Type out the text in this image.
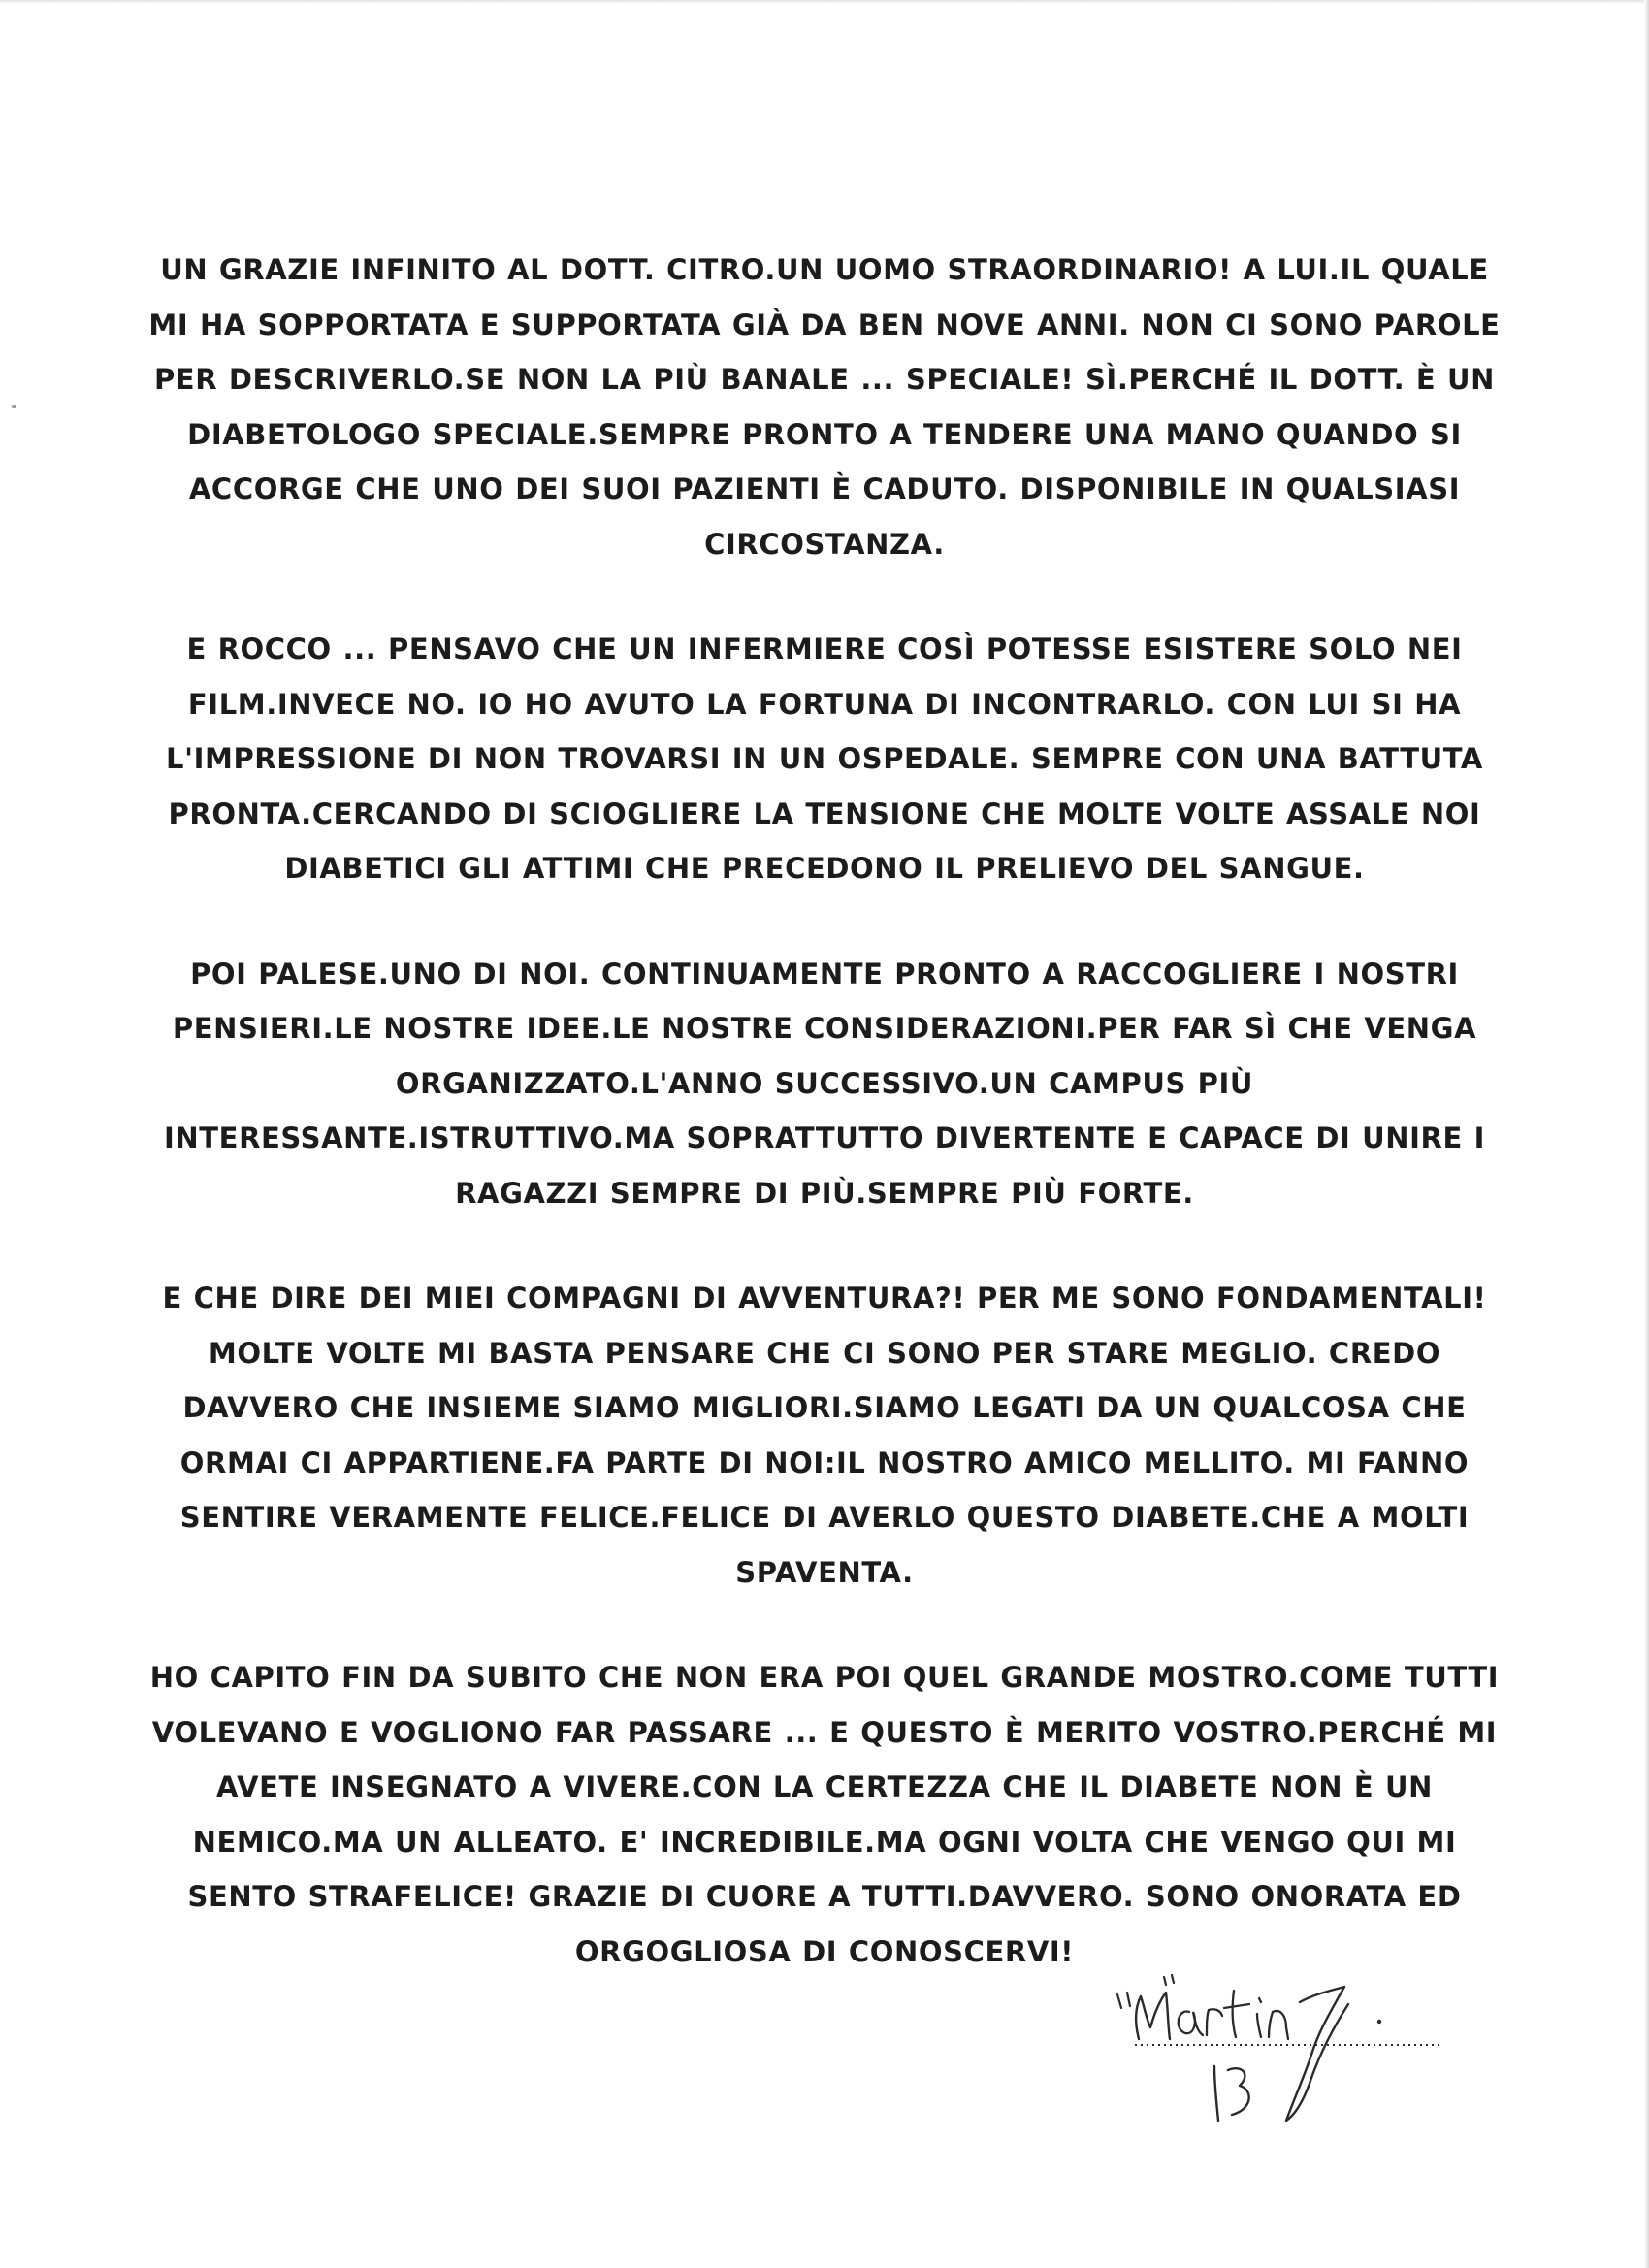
UN GRAZIE INFINITO AL DOTT. CITRO.UN UOMO STRAORDINARIO! A LUI.IL QUALE MI HA SOPPORTATA E SUPPORTATA GIÀ DA BEN NOVE ANNI. NON CI SONO PAROLE PER DESCRIVERLO.SE NON LA PIÙ BANALE ... SPECIALE! SÌ.PERCHÉ IL DOTT. È UN DIABETOLOGO SPECIALE.SEMPRE PRONTO A TENDERE UNA MANO QUANDO SI ACCORGE CHE UNO DEI SUOI PAZIENTI È CADUTO. DISPONIBILE IN QUALSIASI CIRCOSTANZA.

E ROCCO ... PENSAVO CHE UN INFERMIERE COSÌ POTESSE ESISTERE SOLO NEI FILM.INVECE NO. IO HO AVUTO LA FORTUNA DI INCONTRARLO. CON LUI SI HA L'IMPRESSIONE DI NON TROVARSI IN UN OSPEDALE. SEMPRE CON UNA BATTUTA PRONTA.CERCANDO DI SCIOGLIERE LA TENSIONE CHE MOLTE VOLTE ASSALE NOI DIABETICI GLI ATTIMI CHE PRECEDONO IL PRELIEVO DEL SANGUE.

POI PALESE.UNO DI NOI. CONTINUAMENTE PRONTO A RACCOGLIERE I NOSTRI PENSIERI.LE NOSTRE IDEE.LE NOSTRE CONSIDERAZIONI.PER FAR SÌ CHE VENGA ORGANIZZATO.L'ANNO SUCCESSIVO.UN CAMPUS PIÙ INTERESSANTE.ISTRUTTIVO.MA SOPRATTUTTO DIVERTENTE E CAPACE DI UNIRE I RAGAZZI SEMPRE DI PIÙ.SEMPRE PIÙ FORTE.

E CHE DIRE DEI MIEI COMPAGNI DI AVVENTURA?! PER ME SONO FONDAMENTALI! MOLTE VOLTE MI BASTA PENSARE CHE CI SONO PER STARE MEGLIO. CREDO DAVVERO CHE INSIEME SIAMO MIGLIORI.SIAMO LEGATI DA UN QUALCOSA CHE ORMAI CI APPARTIENE.FA PARTE DI NOI:IL NOSTRO AMICO MELLITO. MI FANNO SENTIRE VERAMENTE FELICE.FELICE DI AVERLO QUESTO DIABETE.CHE A MOLTI SPAVENTA.

HO CAPITO FIN DA SUBITO CHE NON ERA POI QUEL GRANDE MOSTRO.COME TUTTI VOLEVANO E VOGLIONO FAR PASSARE ... E QUESTO È MERITO VOSTRO.PERCHÉ MI AVETE INSEGNATO A VIVERE.CON LA CERTEZZA CHE IL DIABETE NON È UN NEMICO.MA UN ALLEATO. E' INCREDIBILE.MA OGNI VOLTA CHE VENGO QUI MI SENTO STRAFELICE! GRAZIE DI CUORE A TUTTI.DAVVERO. SONO ONORATA ED ORGOGLIOSA DI CONOSCERVI!
